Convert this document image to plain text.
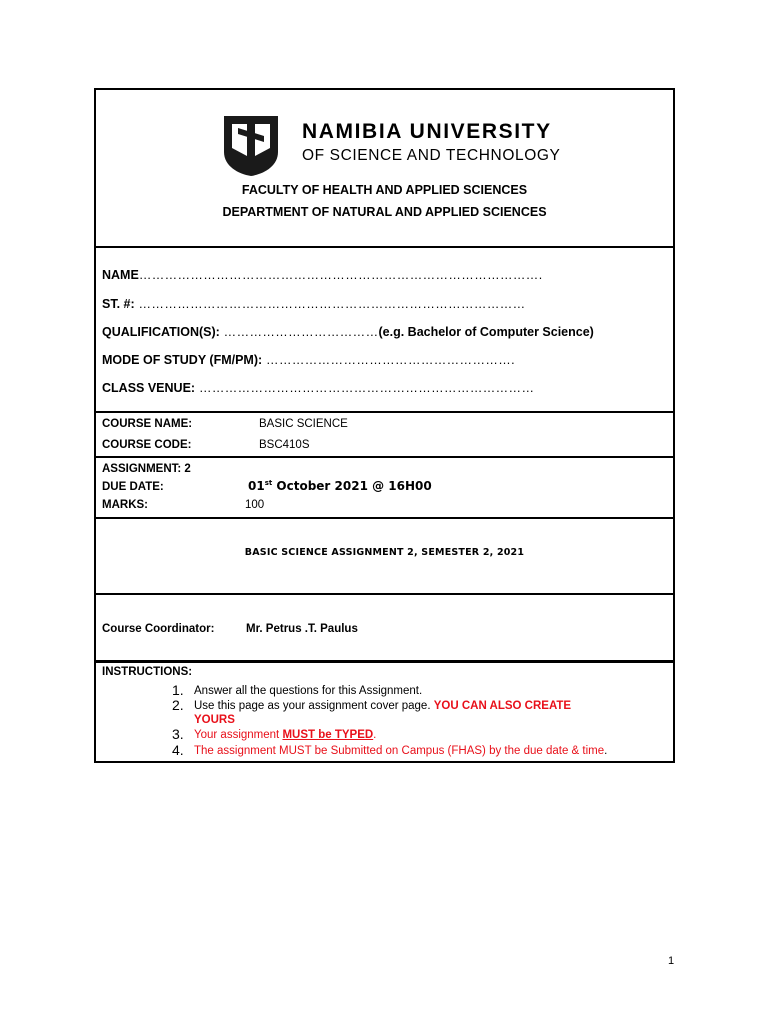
NAMIBIA UNIVERSITY
OF SCIENCE AND TECHNOLOGY
FACULTY OF HEALTH AND APPLIED SCIENCES
DEPARTMENT OF NATURAL AND APPLIED SCIENCES
NAME………………………………………………………………………………….
ST. #: ………………………………………………………………………………
QUALIFICATION(S): ………………………………(e.g. Bachelor of Computer Science)
MODE OF STUDY (FM/PM): ………………………………………………….
CLASS VENUE: ……………………………………………………………………
COURSE NAME:	BASIC SCIENCE
COURSE CODE:	BSC410S
ASSIGNMENT: 2
DUE DATE:	01st October 2021 @ 16H00
MARKS:	100
BASIC SCIENCE ASSIGNMENT 2, SEMESTER 2, 2021
Course Coordinator:	Mr. Petrus .T. Paulus
INSTRUCTIONS:
1. Answer all the questions for this Assignment.
2. Use this page as your assignment cover page. YOU CAN ALSO CREATE
YOURS
3. Your assignment MUST be TYPED.
4. The assignment MUST be Submitted on Campus (FHAS) by the due date & time.
1
